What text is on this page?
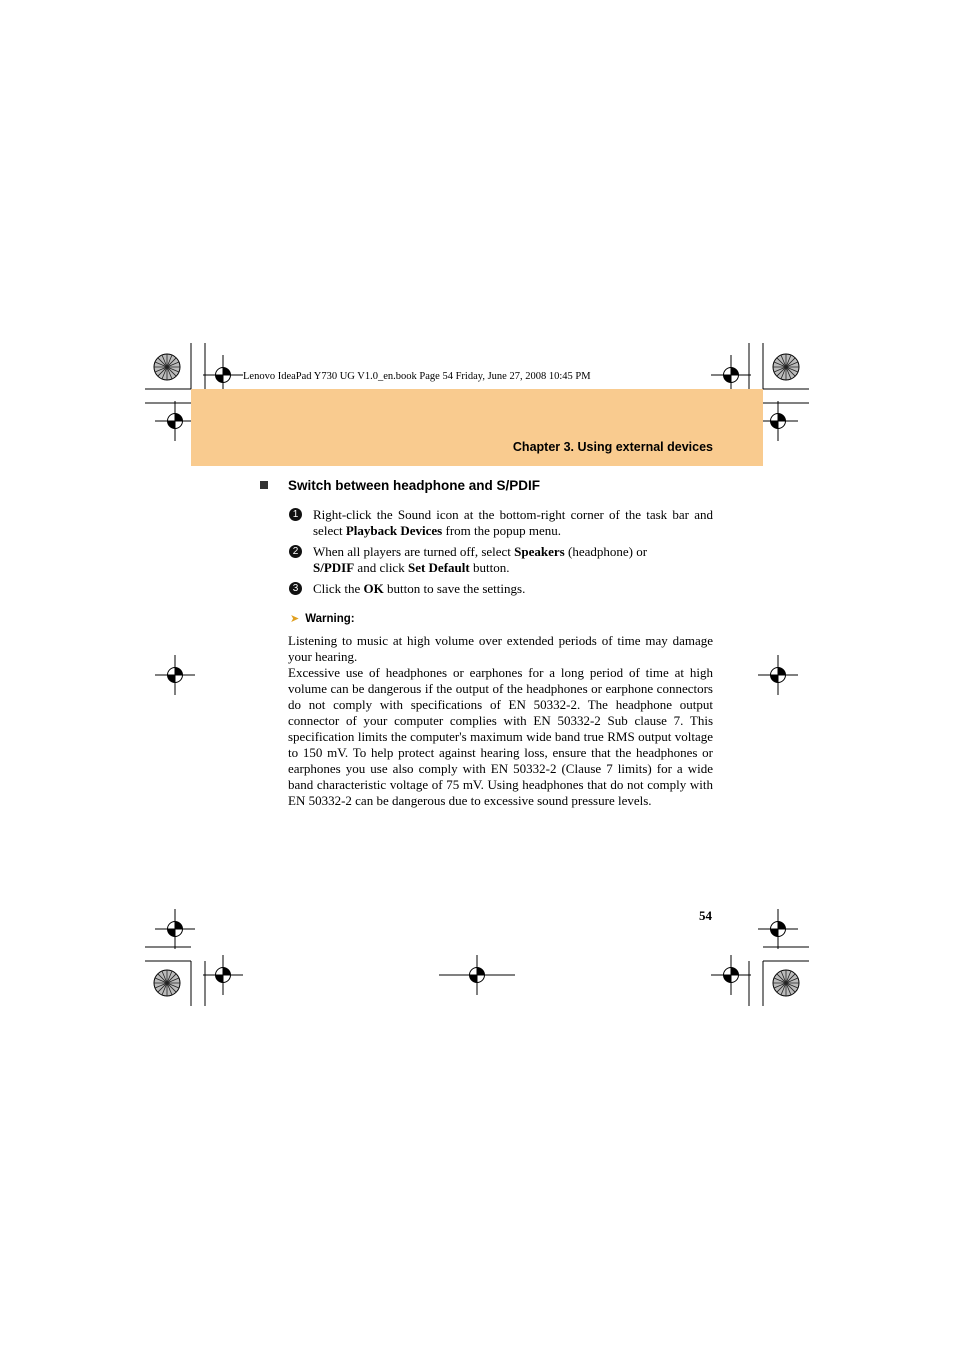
Lenovo IdeaPad Y730 UG V1.0_en.book Page 54 Friday, June 27, 2008 10:45 PM
Chapter 3. Using external devices
Switch between headphone and S/PDIF
1 Right-click the Sound icon at the bottom-right corner of the task bar and select Playback Devices from the popup menu.
2 When all players are turned off, select Speakers (headphone) or
S/PDIF and click Set Default button.
3 Click the OK button to save the settings.
➤ Warning:

Listening to music at high volume over extended periods of time may damage your hearing.

Excessive use of headphones or earphones for a long period of time at high volume can be dangerous if the output of the headphones or earphone connectors do not comply with specifications of EN 50332-2. The headphone output connector of your computer complies with EN 50332-2 Sub clause 7. This specification limits the computer's maximum wide band true RMS output voltage to 150 mV. To help protect against hearing loss, ensure that the headphones or earphones you use also comply with EN 50332-2 (Clause 7 limits) for a wide band characteristic voltage of 75 mV. Using headphones that do not comply with EN 50332-2 can be dangerous due to excessive sound pressure levels.

54
